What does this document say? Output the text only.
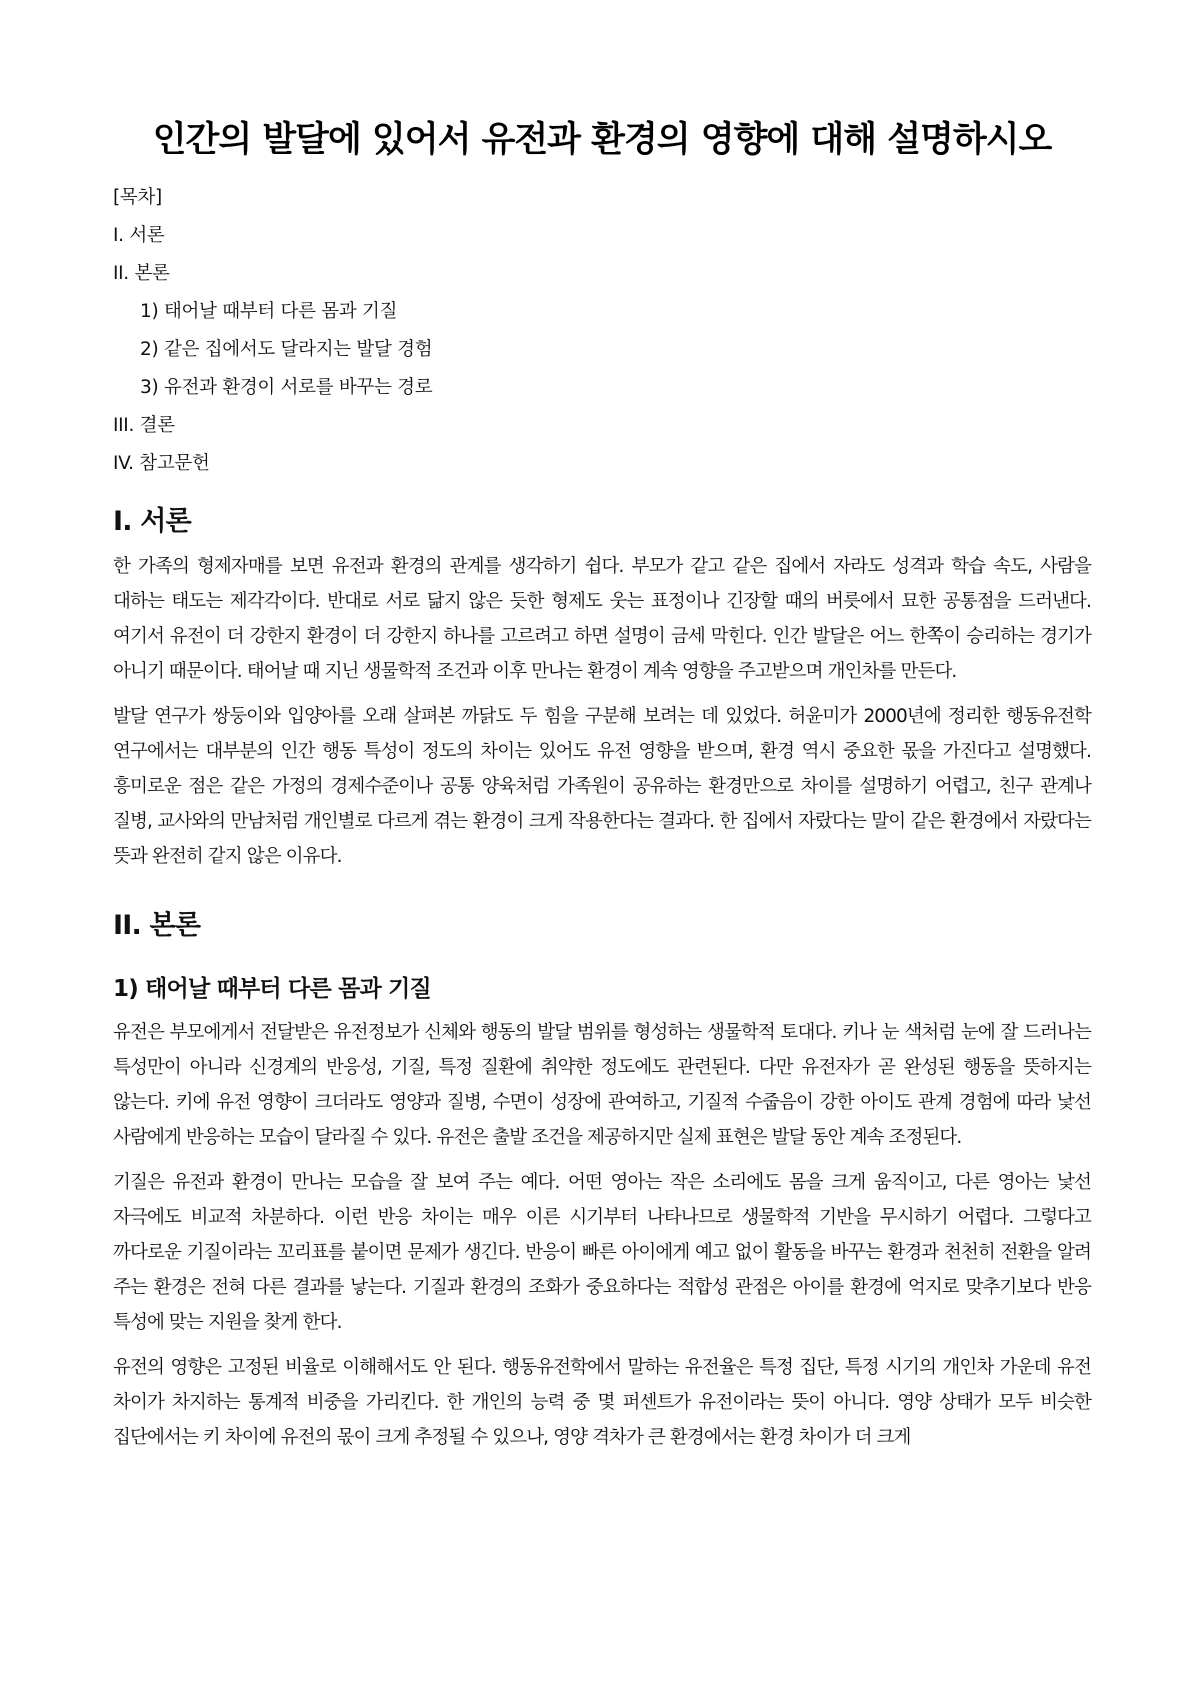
인간의 발달에 있어서 유전과 환경의 영향에 대해 설명하시오
[목차]
I. 서론
II. 본론
1) 태어날 때부터 다른 몸과 기질
2) 같은 집에서도 달라지는 발달 경험
3) 유전과 환경이 서로를 바꾸는 경로
III. 결론
IV. 참고문헌
I. 서론

한 가족의 형제자매를 보면 유전과 환경의 관계를 생각하기 쉽다. 부모가 같고 같은 집에서 자라도 성격과 학습 속도, 사람을 대하는 태도는 제각각이다. 반대로 서로 닮지 않은 듯한 형제도 웃는 표정이나 긴장할 때의 버릇에서 묘한 공통점을 드러낸다. 여기서 유전이 더 강한지 환경이 더 강한지 하나를 고르려고 하면 설명이 금세 막힌다. 인간 발달은 어느 한쪽이 승리하는 경기가 아니기 때문이다. 태어날 때 지닌 생물학적 조건과 이후 만나는 환경이 계속 영향을 주고받으며 개인차를 만든다.

발달 연구가 쌍둥이와 입양아를 오래 살펴본 까닭도 두 힘을 구분해 보려는 데 있었다. 허윤미가 2000년에 정리한 행동유전학 연구에서는 대부분의 인간 행동 특성이 정도의 차이는 있어도 유전 영향을 받으며, 환경 역시 중요한 몫을 가진다고 설명했다. 흥미로운 점은 같은 가정의 경제수준이나 공통 양육처럼 가족원이 공유하는 환경만으로 차이를 설명하기 어렵고, 친구 관계나 질병, 교사와의 만남처럼 개인별로 다르게 겪는 환경이 크게 작용한다는 결과다. 한 집에서 자랐다는 말이 같은 환경에서 자랐다는 뜻과 완전히 같지 않은 이유다.

II. 본론
1) 태어날 때부터 다른 몸과 기질

유전은 부모에게서 전달받은 유전정보가 신체와 행동의 발달 범위를 형성하는 생물학적 토대다. 키나 눈 색처럼 눈에 잘 드러나는 특성만이 아니라 신경계의 반응성, 기질, 특정 질환에 취약한 정도에도 관련된다. 다만 유전자가 곧 완성된 행동을 뜻하지는 않는다. 키에 유전 영향이 크더라도 영양과 질병, 수면이 성장에 관여하고, 기질적 수줍음이 강한 아이도 관계 경험에 따라 낯선 사람에게 반응하는 모습이 달라질 수 있다. 유전은 출발 조건을 제공하지만 실제 표현은 발달 동안 계속 조정된다.

기질은 유전과 환경이 만나는 모습을 잘 보여 주는 예다. 어떤 영아는 작은 소리에도 몸을 크게 움직이고, 다른 영아는 낯선 자극에도 비교적 차분하다. 이런 반응 차이는 매우 이른 시기부터 나타나므로 생물학적 기반을 무시하기 어렵다. 그렇다고 까다로운 기질이라는 꼬리표를 붙이면 문제가 생긴다. 반응이 빠른 아이에게 예고 없이 활동을 바꾸는 환경과 천천히 전환을 알려 주는 환경은 전혀 다른 결과를 낳는다. 기질과 환경의 조화가 중요하다는 적합성 관점은 아이를 환경에 억지로 맞추기보다 반응 특성에 맞는 지원을 찾게 한다.

유전의 영향은 고정된 비율로 이해해서도 안 된다. 행동유전학에서 말하는 유전율은 특정 집단, 특정 시기의 개인차 가운데 유전 차이가 차지하는 통계적 비중을 가리킨다. 한 개인의 능력 중 몇 퍼센트가 유전이라는 뜻이 아니다. 영양 상태가 모두 비슷한 집단에서는 키 차이에 유전의 몫이 크게 추정될 수 있으나, 영양 격차가 큰 환경에서는 환경 차이가 더 크게
